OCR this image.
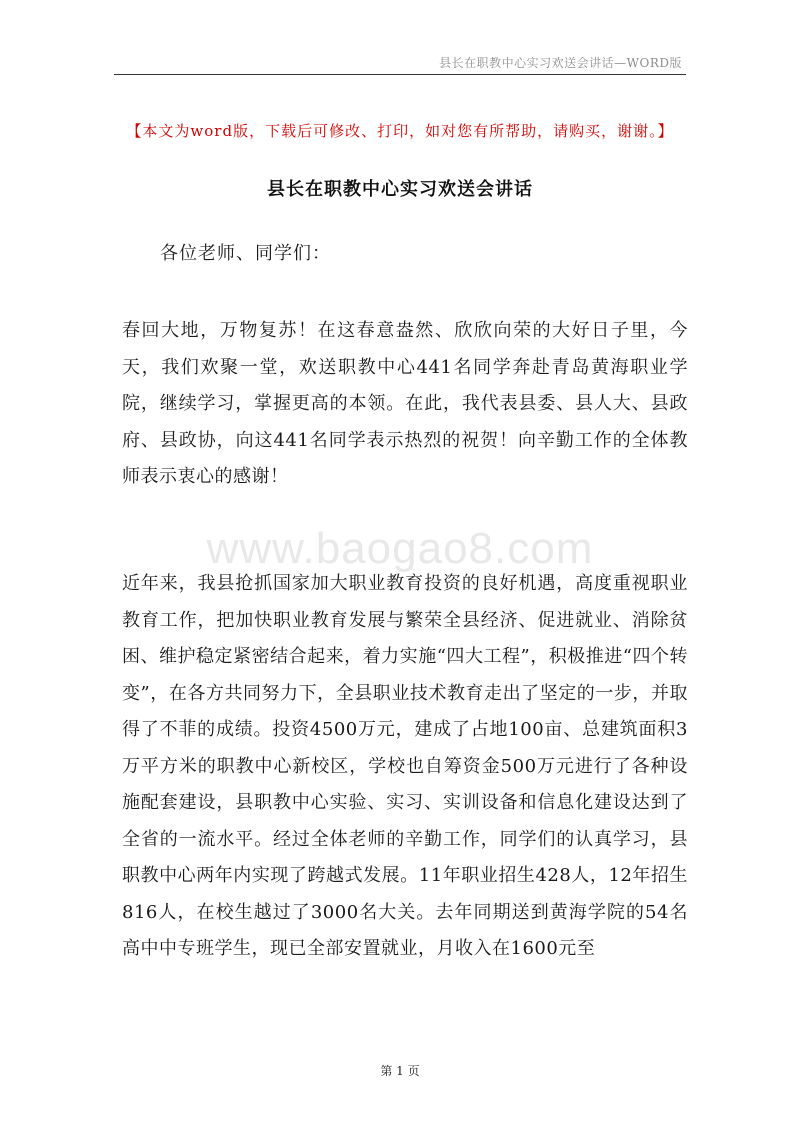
县长在职教中心实习欢送会讲话—WORD版
【本文为word版，下载后可修改、打印，如对您有所帮助，请购买，谢谢。】
县长在职教中心实习欢送会讲话
各位老师、同学们：
春回大地，万物复苏！在这春意盎然、欣欣向荣的大好日子里，今天，我们欢聚一堂，欢送职教中心441名同学奔赴青岛黄海职业学院，继续学习，掌握更高的本领。在此，我代表县委、县人大、县政府、县政协，向这441名同学表示热烈的祝贺！向辛勤工作的全体教师表示衷心的感谢！
www.baogao8.com
近年来，我县抢抓国家加大职业教育投资的良好机遇，高度重视职业教育工作，把加快职业教育发展与繁荣全县经济、促进就业、消除贫困、维护稳定紧密结合起来，着力实施“四大工程”，积极推进“四个转变”，在各方共同努力下，全县职业技术教育走出了坚定的一步，并取得了不菲的成绩。投资4500万元，建成了占地100亩、总建筑面积3万平方米的职教中心新校区，学校也自筹资金500万元进行了各种设施配套建设，县职教中心实验、实习、实训设备和信息化建设达到了全省的一流水平。经过全体老师的辛勤工作，同学们的认真学习，县职教中心两年内实现了跨越式发展。11年职业招生428人，12年招生816人，在校生越过了3000名大关。去年同期送到黄海学院的54名高中中专班学生，现已全部安置就业，月收入在1600元至
第 1 页
